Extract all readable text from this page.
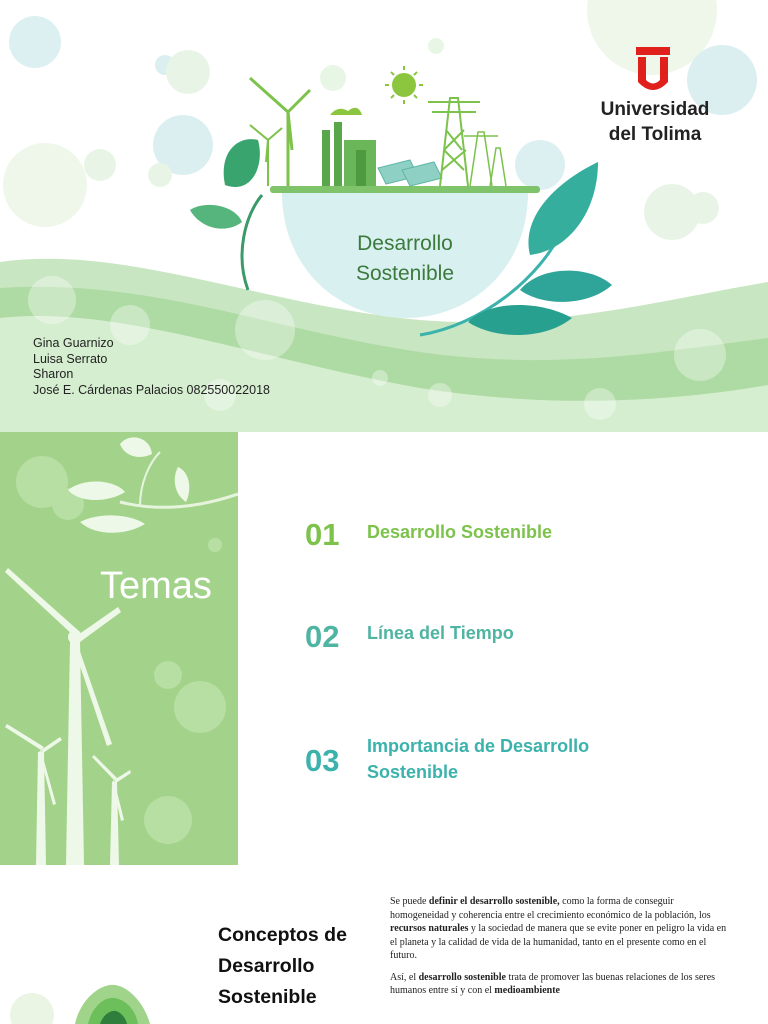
Desarrollo
Sostenible
Universidad
del Tolima
Gina Guarnizo
Luisa Serrato
Sharon
José E. Cárdenas Palacios 082550022018
Temas
01 Desarrollo Sostenible
02 Línea del Tiempo
03 Importancia de Desarrollo
Sostenible
Conceptos de
Desarrollo
Sostenible

Se puede definir el desarrollo sostenible, como la forma de conseguir homogeneidad y coherencia entre el crecimiento económico de la población, los recursos naturales y la sociedad de manera que se evite poner en peligro la vida en el planeta y la calidad de vida de la humanidad, tanto en el presente como en el futuro.

Así, el desarrollo sostenible trata de promover las buenas relaciones de los seres humanos entre sí y con el medioambiente
